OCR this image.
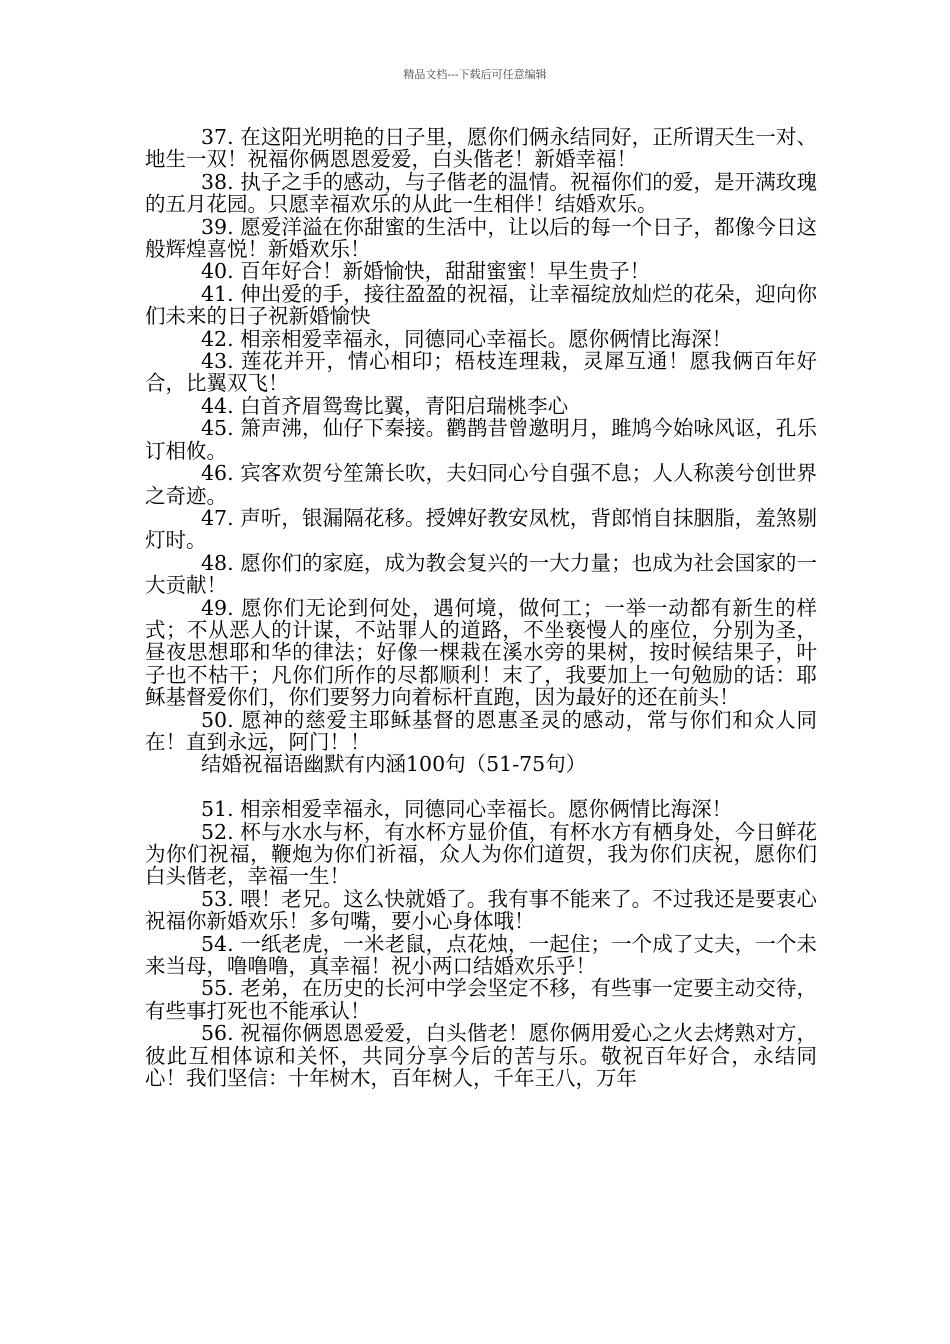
精品文档---下载后可任意编辑

37. 在这阳光明艳的日子里，愿你们俩永结同好，正所谓天生一对、地生一双！祝福你俩恩恩爱爱，白头偕老！新婚幸福！

38. 执子之手的感动，与子偕老的温情。祝福你们的爱，是开满玫瑰的五月花园。只愿幸福欢乐的从此一生相伴！结婚欢乐。

39. 愿爱洋溢在你甜蜜的生活中，让以后的每一个日子，都像今日这般辉煌喜悦！新婚欢乐！

40. 百年好合！新婚愉快，甜甜蜜蜜！早生贵子！

41. 伸出爱的手，接往盈盈的祝福，让幸福绽放灿烂的花朵，迎向你们未来的日子祝新婚愉快

42. 相亲相爱幸福永，同德同心幸福长。愿你俩情比海深！

43. 莲花并开，情心相印；梧枝连理栽，灵犀互通！愿我俩百年好合，比翼双飞！

44. 白首齐眉鸳鸯比翼，青阳启瑞桃李心

45. 箫声沸，仙仔下秦接。鹳鹊昔曾邀明月，雎鸠今始咏风讴，孔乐订相攸。

46. 宾客欢贺兮笙箫长吹，夫妇同心兮自强不息；人人称羡兮创世界之奇迹。

47. 声听，银漏隔花移。授婢好教安凤枕，背郎悄自抹胭脂，羞煞剔灯时。

48. 愿你们的家庭，成为教会复兴的一大力量；也成为社会国家的一大贡献！

49. 愿你们无论到何处，遇何境，做何工；一举一动都有新生的样式；不从恶人的计谋，不站罪人的道路，不坐亵慢人的座位，分别为圣，昼夜思想耶和华的律法；好像一棵栽在溪水旁的果树，按时候结果子，叶子也不枯干；凡你们所作的尽都顺利！末了，我要加上一句勉励的话：耶稣基督爱你们，你们要努力向着标杆直跑，因为最好的还在前头！

50. 愿神的慈爱主耶稣基督的恩惠圣灵的感动，常与你们和众人同在！直到永远，阿门！！

结婚祝福语幽默有内涵100句（51-75句）

51. 相亲相爱幸福永，同德同心幸福长。愿你俩情比海深！

52. 杯与水水与杯，有水杯方显价值，有杯水方有栖身处，今日鲜花为你们祝福，鞭炮为你们祈福，众人为你们道贺，我为你们庆祝，愿你们白头偕老，幸福一生！

53. 喂！老兄。这么快就婚了。我有事不能来了。不过我还是要衷心祝福你新婚欢乐！多句嘴，要小心身体哦！

54. 一纸老虎，一米老鼠，点花烛，一起住；一个成了丈夫，一个未来当母，噜噜噜，真幸福！祝小两口结婚欢乐乎！

55. 老弟，在历史的长河中学会坚定不移，有些事一定要主动交待，有些事打死也不能承认！

56. 祝福你俩恩恩爱爱，白头偕老！愿你俩用爱心之火去烤熟对方，彼此互相体谅和关怀，共同分享今后的苦与乐。敬祝百年好合，永结同心！我们坚信：十年树木，百年树人，千年王八，万年
